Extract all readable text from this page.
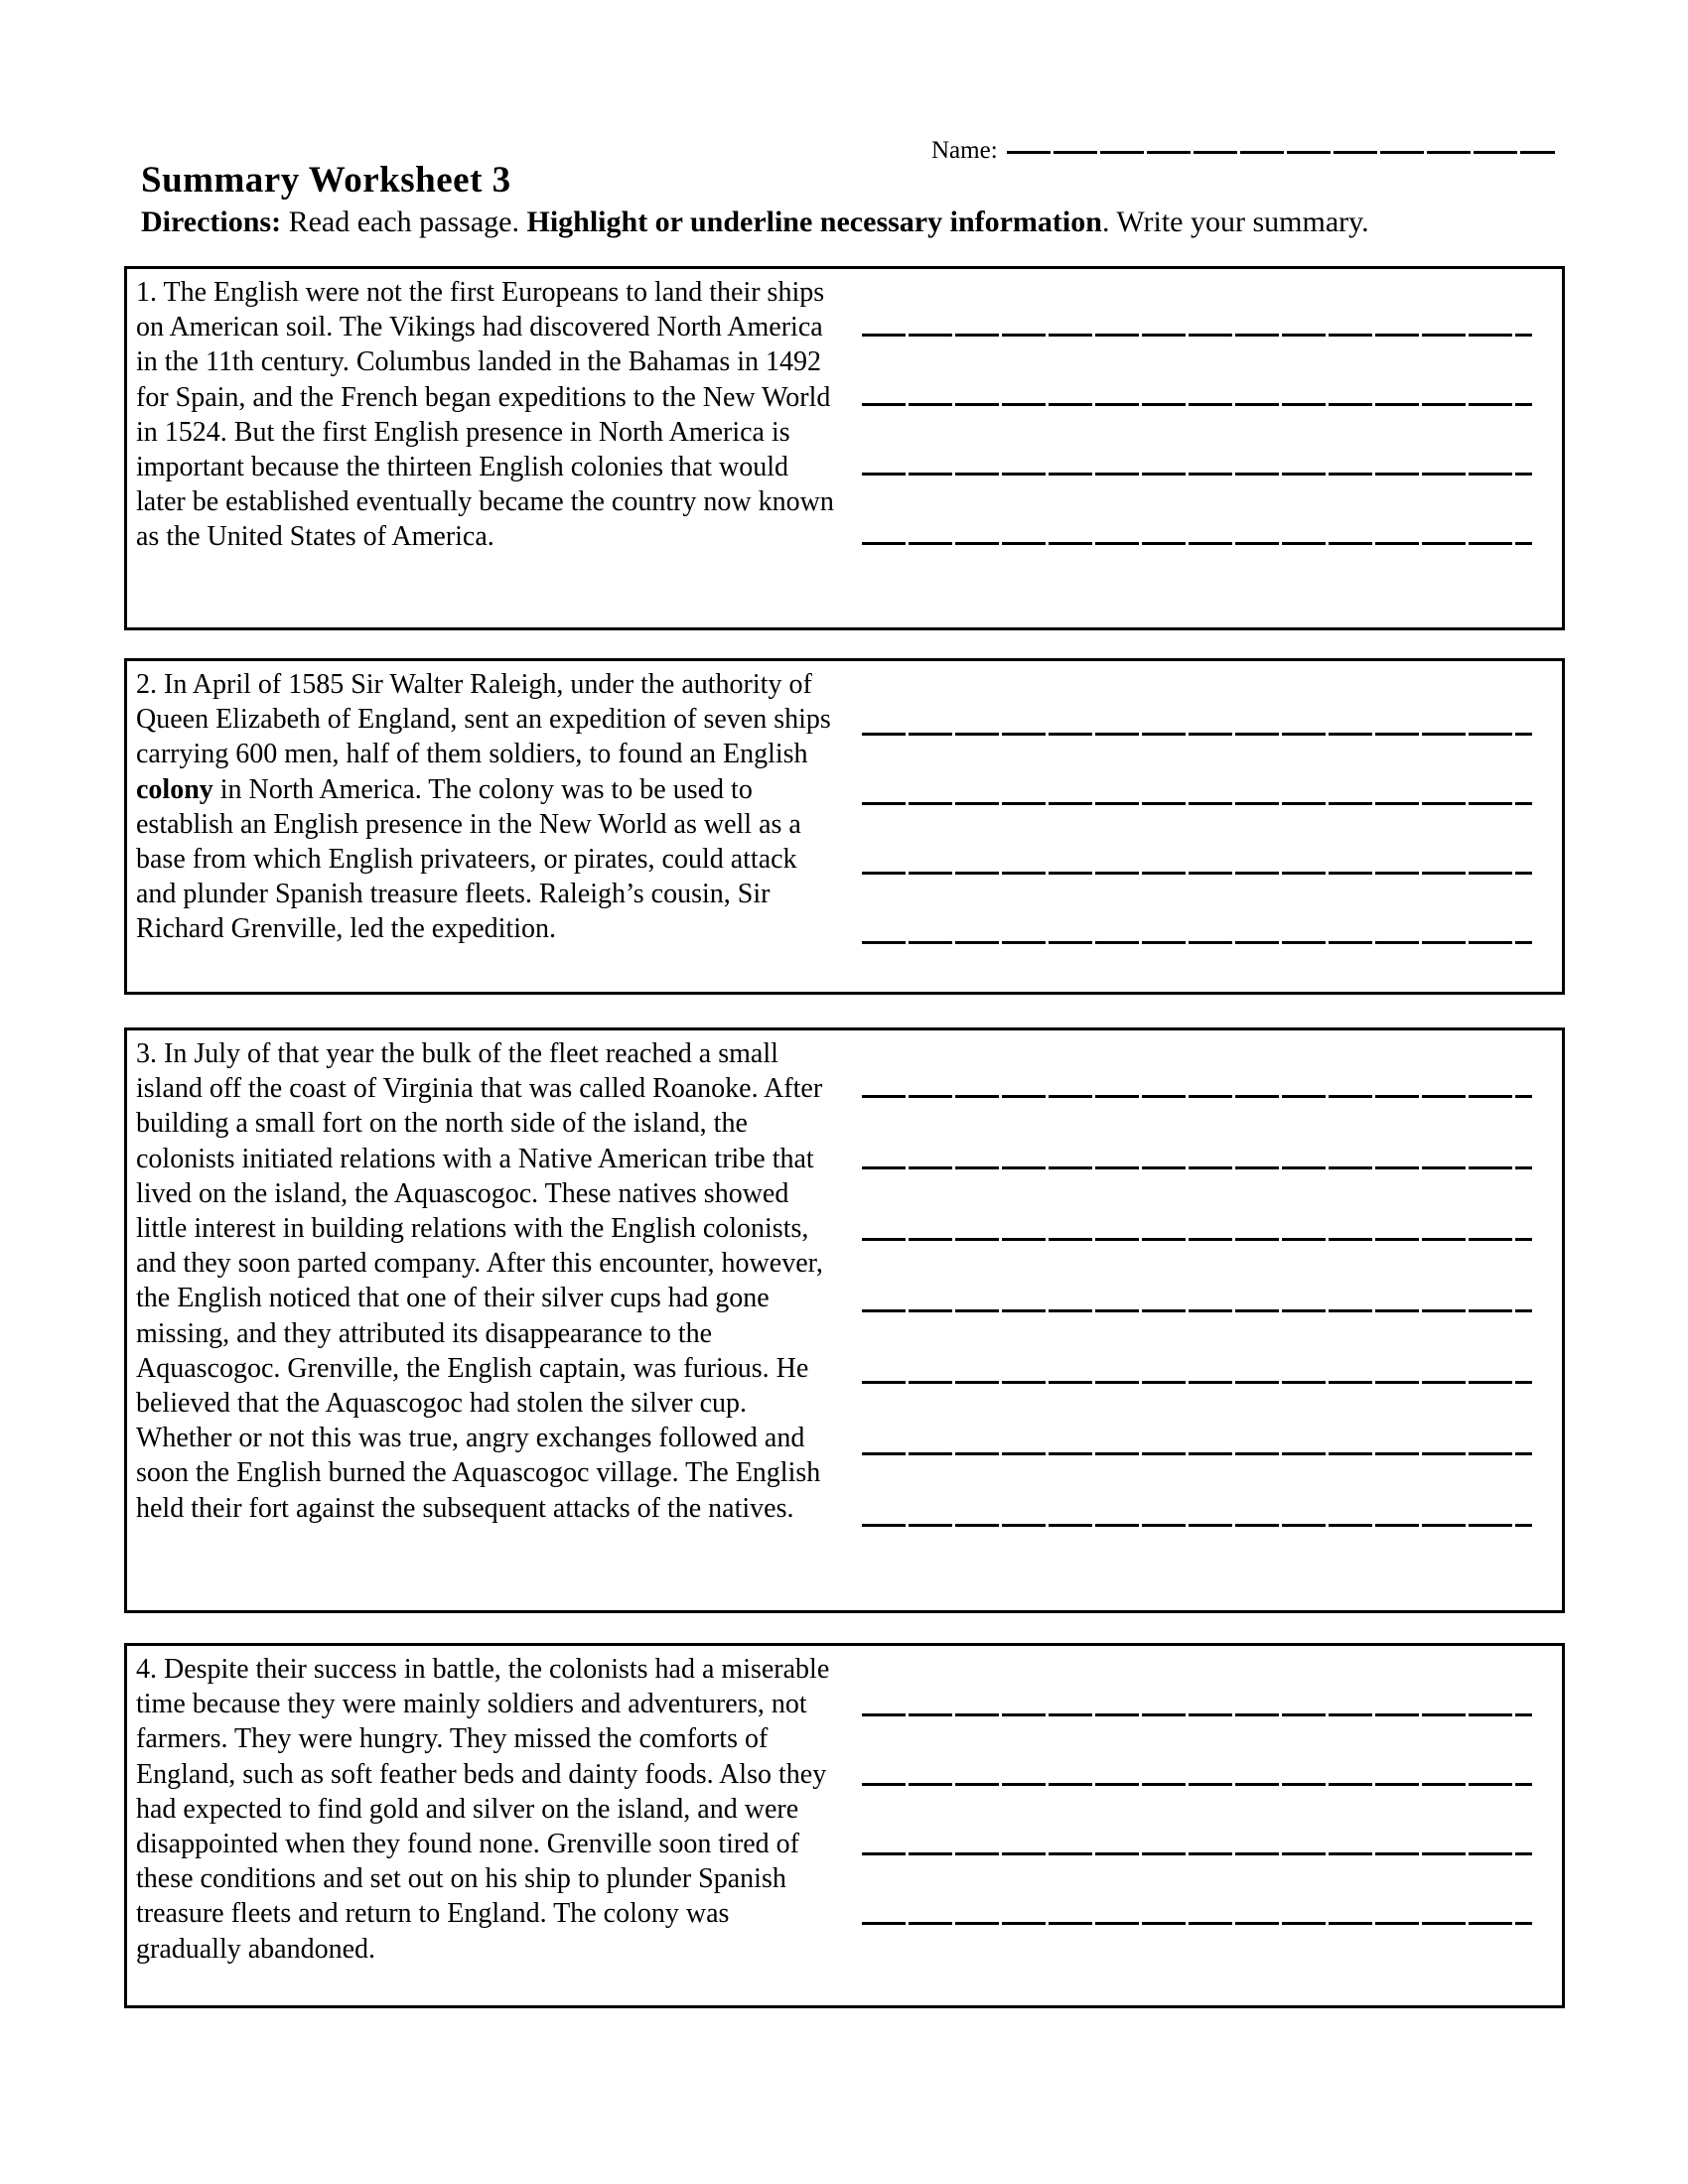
Name:
Summary Worksheet 3

Directions: Read each passage. Highlight or underline necessary information. Write your summary.

1. The English were not the first Europeans to land their ships on American soil. The Vikings had discovered North America in the 11th century. Columbus landed in the Bahamas in 1492 for Spain, and the French began expeditions to the New World in 1524. But the first English presence in North America is important because the thirteen English colonies that would later be established eventually became the country now known as the United States of America.
2. In April of 1585 Sir Walter Raleigh, under the authority of Queen Elizabeth of England, sent an expedition of seven ships carrying 600 men, half of them soldiers, to found an English colony in North America. The colony was to be used to establish an English presence in the New World as well as a base from which English privateers, or pirates, could attack and plunder Spanish treasure fleets. Raleigh’s cousin, Sir Richard Grenville, led the expedition.
3. In July of that year the bulk of the fleet reached a small island off the coast of Virginia that was called Roanoke. After building a small fort on the north side of the island, the colonists initiated relations with a Native American tribe that lived on the island, the Aquascogoc. These natives showed little interest in building relations with the English colonists, and they soon parted company. After this encounter, however, the English noticed that one of their silver cups had gone missing, and they attributed its disappearance to the Aquascogoc. Grenville, the English captain, was furious. He believed that the Aquascogoc had stolen the silver cup. Whether or not this was true, angry exchanges followed and soon the English burned the Aquascogoc village. The English held their fort against the subsequent attacks of the natives.
4. Despite their success in battle, the colonists had a miserable time because they were mainly soldiers and adventurers, not farmers. They were hungry. They missed the comforts of England, such as soft feather beds and dainty foods. Also they had expected to find gold and silver on the island, and were disappointed when they found none. Grenville soon tired of these conditions and set out on his ship to plunder Spanish treasure fleets and return to England. The colony was gradually abandoned.
